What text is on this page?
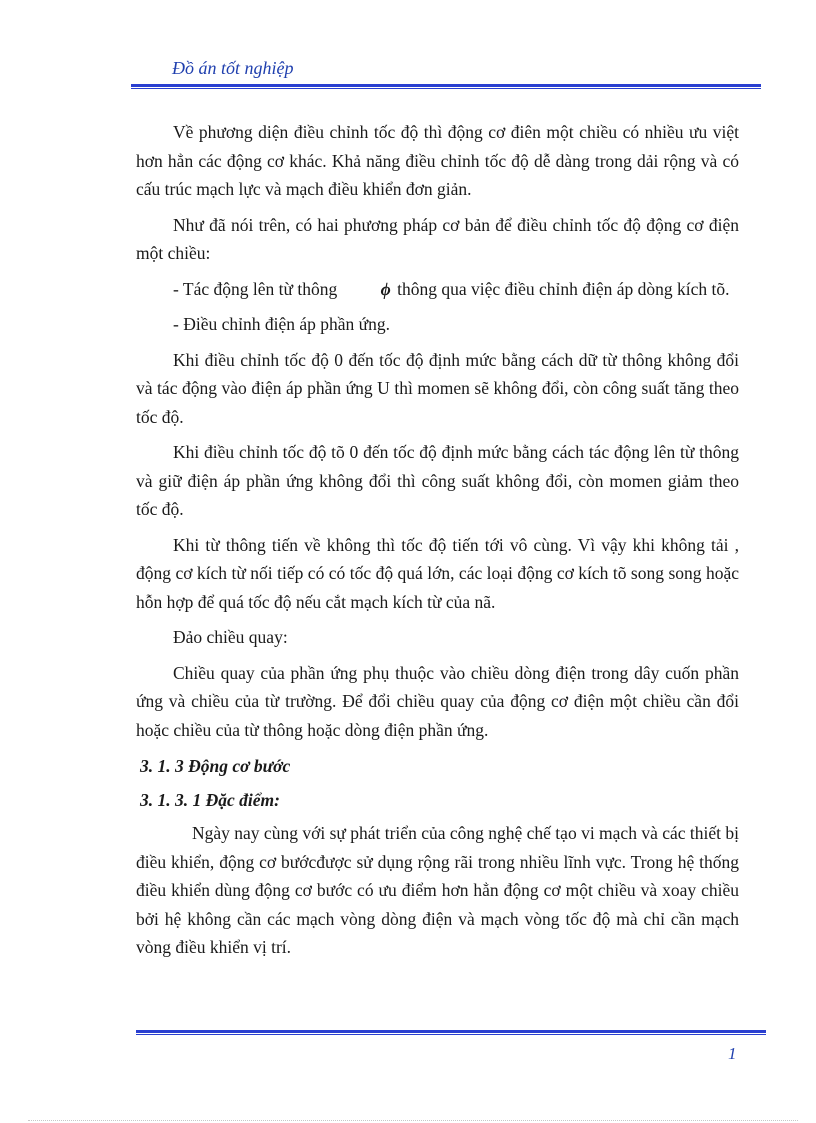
Đồ án tốt nghiệp

Về phương diện điều chỉnh tốc độ thì động cơ điên một chiều có nhiều ưu việt hơn hẳn các động cơ khác. Khả năng điều chỉnh tốc độ dễ dàng trong dải rộng và có cấu trúc mạch lực và mạch điều khiển đơn giản.

Như đã nói trên, có hai phương pháp cơ bản để điều chỉnh tốc độ động cơ điện một chiều:

- Tác động lên từ thông ϕ thông qua việc điều chỉnh điện áp dòng kích tõ.

- Điều chỉnh điện áp phần ứng.

Khi điều chỉnh tốc độ 0 đến tốc độ định mức bằng cách dữ từ thông không đổi và tác động vào điện áp phần ứng U thì momen sẽ không đổi, còn công suất tăng theo tốc độ.

Khi điều chỉnh tốc độ tõ 0 đến tốc độ định mức bằng cách tác động lên từ thông và giữ điện áp phần ứng không đổi thì công suất không đổi, còn momen giảm theo tốc độ.

Khi từ thông tiến về không thì tốc độ tiến tới vô cùng. Vì vậy khi không tải , động cơ kích từ nối tiếp có có tốc độ quá lớn, các loại động cơ kích tõ song song hoặc hỗn hợp để quá tốc độ nếu cắt mạch kích từ của nã.

Đảo chiều quay:

Chiều quay của phần ứng phụ thuộc vào chiều dòng điện trong dây cuốn phần ứng và chiều của từ trường. Để đổi chiều quay của động cơ điện một chiều cần đổi hoặc chiều của từ thông hoặc dòng điện phần ứng.

3. 1. 3 Động cơ bước

3. 1. 3. 1 Đặc điểm:

Ngày nay cùng với sự phát triển của công nghệ chế tạo vi mạch và các thiết bị điều khiển, động cơ bướcđược sử dụng rộng rãi trong nhiều lĩnh vực. Trong hệ thống điều khiển dùng động cơ bước có ưu điểm hơn hẳn động cơ một chiều và xoay chiều bởi hệ không cần các mạch vòng dòng điện và mạch vòng tốc độ mà chỉ cần mạch vòng điều khiển vị trí.

1
